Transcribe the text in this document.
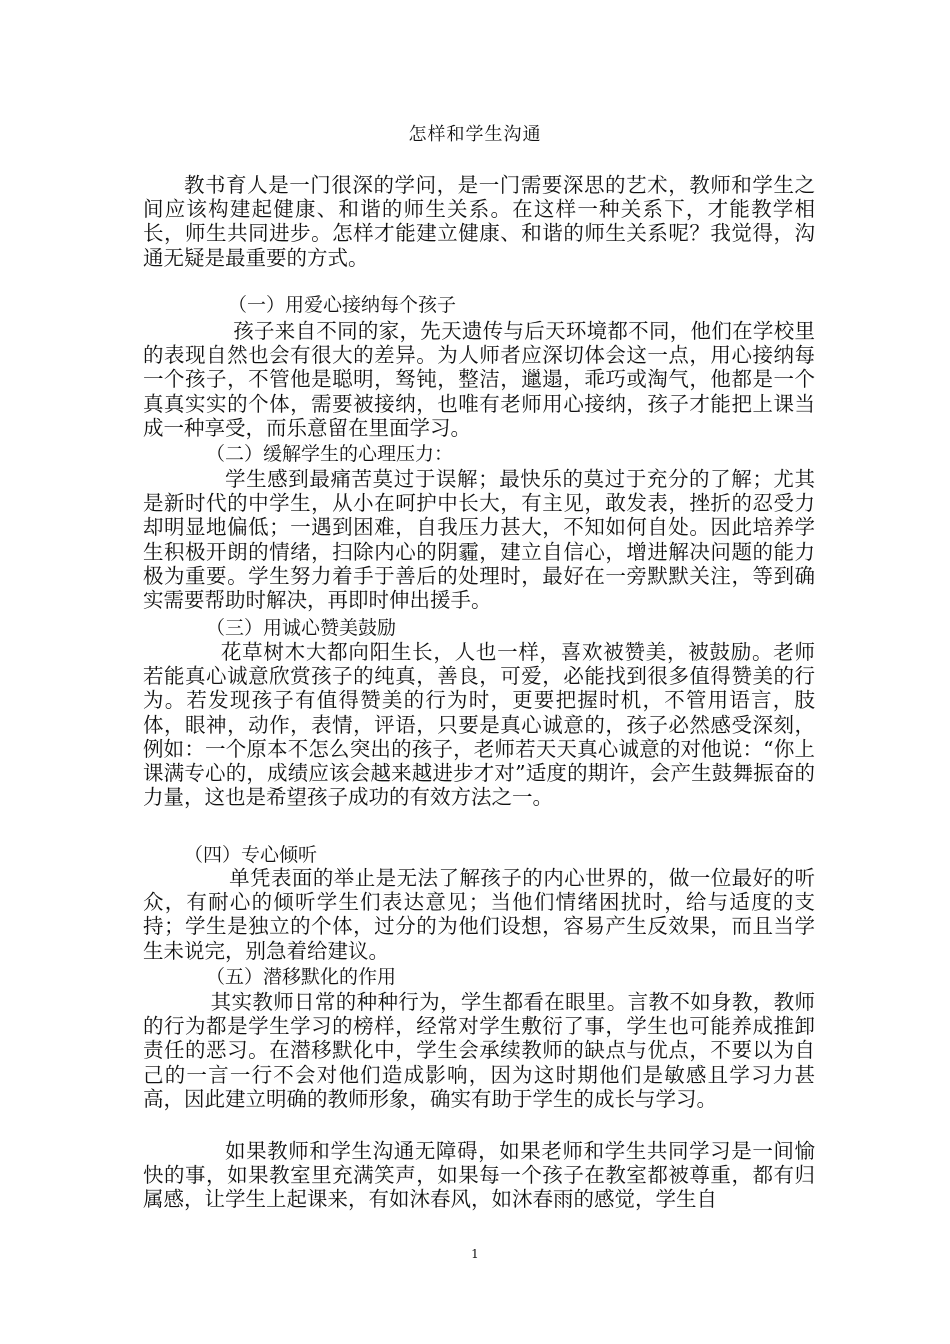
怎样和学生沟通

教书育人是一门很深的学问，是一门需要深思的艺术，教师和学生之间应该构建起健康、和谐的师生关系。在这样一种关系下，才能教学相长，师生共同进步。怎样才能建立健康、和谐的师生关系呢？我觉得，沟通无疑是最重要的方式。

（一）用爱心接纳每个孩子

孩子来自不同的家，先天遗传与后天环境都不同，他们在学校里的表现自然也会有很大的差异。为人师者应深切体会这一点，用心接纳每一个孩子，不管他是聪明，驽钝，整洁，邋遢，乖巧或淘气，他都是一个真真实实的个体，需要被接纳，也唯有老师用心接纳，孩子才能把上课当成一种享受，而乐意留在里面学习。

（二）缓解学生的心理压力：

学生感到最痛苦莫过于误解；最快乐的莫过于充分的了解；尤其是新时代的中学生，从小在呵护中长大，有主见，敢发表，挫折的忍受力却明显地偏低；一遇到困难，自我压力甚大，不知如何自处。因此培养学生积极开朗的情绪，扫除内心的阴霾，建立自信心，增进解决问题的能力极为重要。学生努力着手于善后的处理时，最好在一旁默默关注，等到确实需要帮助时解决，再即时伸出援手。

（三）用诚心赞美鼓励

花草树木大都向阳生长，人也一样，喜欢被赞美，被鼓励。老师若能真心诚意欣赏孩子的纯真，善良，可爱，必能找到很多值得赞美的行为。若发现孩子有值得赞美的行为时，更要把握时机，不管用语言，肢体，眼神，动作，表情，评语，只要是真心诚意的，孩子必然感受深刻，例如：一个原本不怎么突出的孩子，老师若天天真心诚意的对他说：“你上课满专心的，成绩应该会越来越进步才对”适度的期许，会产生鼓舞振奋的力量，这也是希望孩子成功的有效方法之一。

（四）专心倾听

单凭表面的举止是无法了解孩子的内心世界的，做一位最好的听众，有耐心的倾听学生们表达意见；当他们情绪困扰时，给与适度的支持；学生是独立的个体，过分的为他们设想，容易产生反效果，而且当学生未说完，别急着给建议。

（五）潜移默化的作用

其实教师日常的种种行为，学生都看在眼里。言教不如身教，教师的行为都是学生学习的榜样，经常对学生敷衍了事，学生也可能养成推卸责任的恶习。在潜移默化中，学生会承续教师的缺点与优点，不要以为自己的一言一行不会对他们造成影响，因为这时期他们是敏感且学习力甚高，因此建立明确的教师形象，确实有助于学生的成长与学习。

如果教师和学生沟通无障碍，如果老师和学生共同学习是一间愉快的事，如果教室里充满笑声，如果每一个孩子在教室都被尊重，都有归属感，让学生上起课来，有如沐春风，如沐春雨的感觉，学生自

1
